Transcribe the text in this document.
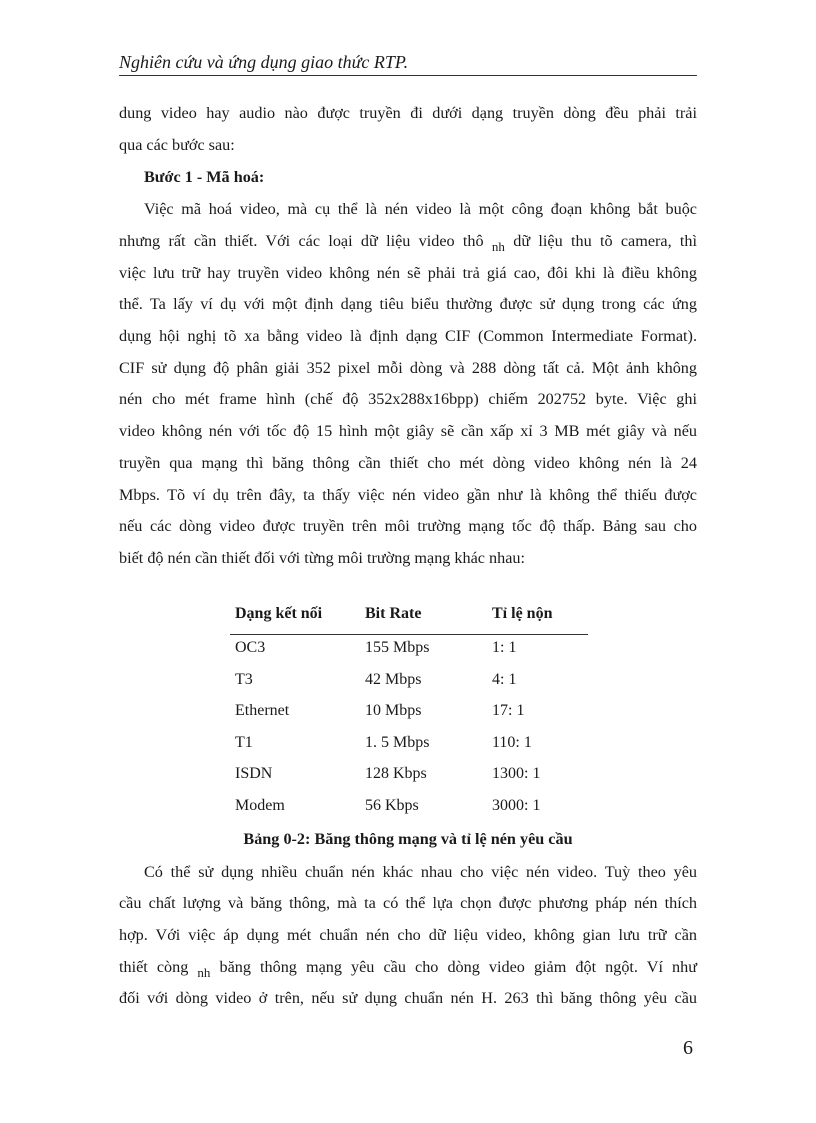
Nghiên cứu và ứng dụng giao thức RTP.
dung video hay audio nào được truyền đi dưới dạng truyền dòng đều phải trải
qua các bước sau:
Bước 1 - Mã hoá:
Việc mã hoá video, mà cụ thể là nén video là một công đoạn không bắt buộc
nhưng rất cần thiết. Với các loại dữ liệu video thô $_{nh}$ dữ liệu thu tõ camera, thì
việc lưu trữ hay truyền video không nén sẽ phải trả giá cao, đôi khi là điều không
thể. Ta lấy ví dụ với một định dạng tiêu biểu thường được sử dụng trong các ứng
dụng hội nghị tõ xa bằng video là định dạng CIF (Common Intermediate Format).
CIF sử dụng độ phân giải 352 pixel mỗi dòng và 288 dòng tất cả. Một ảnh không
nén cho mét frame hình (chế độ 352x288x16bpp) chiếm 202752 byte. Việc ghi
video không nén với tốc độ 15 hình một giây sẽ cần xấp xỉ 3 MB mét giây và nếu
truyền qua mạng thì băng thông cần thiết cho mét dòng video không nén là 24
Mbps. Tõ ví dụ trên đây, ta thấy việc nén video gần như là không thể thiếu được
nếu các dòng video được truyền trên môi trường mạng tốc độ thấp. Bảng sau cho
biết độ nén cần thiết đối với từng môi trường mạng khác nhau:
Dạng kết nối	Bit Rate	Tỉ lệ nộn
OC3	155 Mbps	1: 1
T3	42 Mbps	4: 1
Ethernet	10 Mbps	17: 1
T1	1. 5 Mbps	110: 1
ISDN	128 Kbps	1300: 1
Modem	56 Kbps	3000: 1
Bảng 0-2: Băng thông mạng và tỉ lệ nén yêu cầu
Có thể sử dụng nhiều chuẩn nén khác nhau cho việc nén video. Tuỳ theo yêu
cầu chất lượng và băng thông, mà ta có thể lựa chọn được phương pháp nén thích
hợp. Với việc áp dụng mét chuẩn nén cho dữ liệu video, không gian lưu trữ cần
thiết còng $_{nh}$ băng thông mạng yêu cầu cho dòng video giảm đột ngột. Ví như
đối với dòng video ở trên, nếu sử dụng chuẩn nén H. 263 thì băng thông yêu cầu
6
